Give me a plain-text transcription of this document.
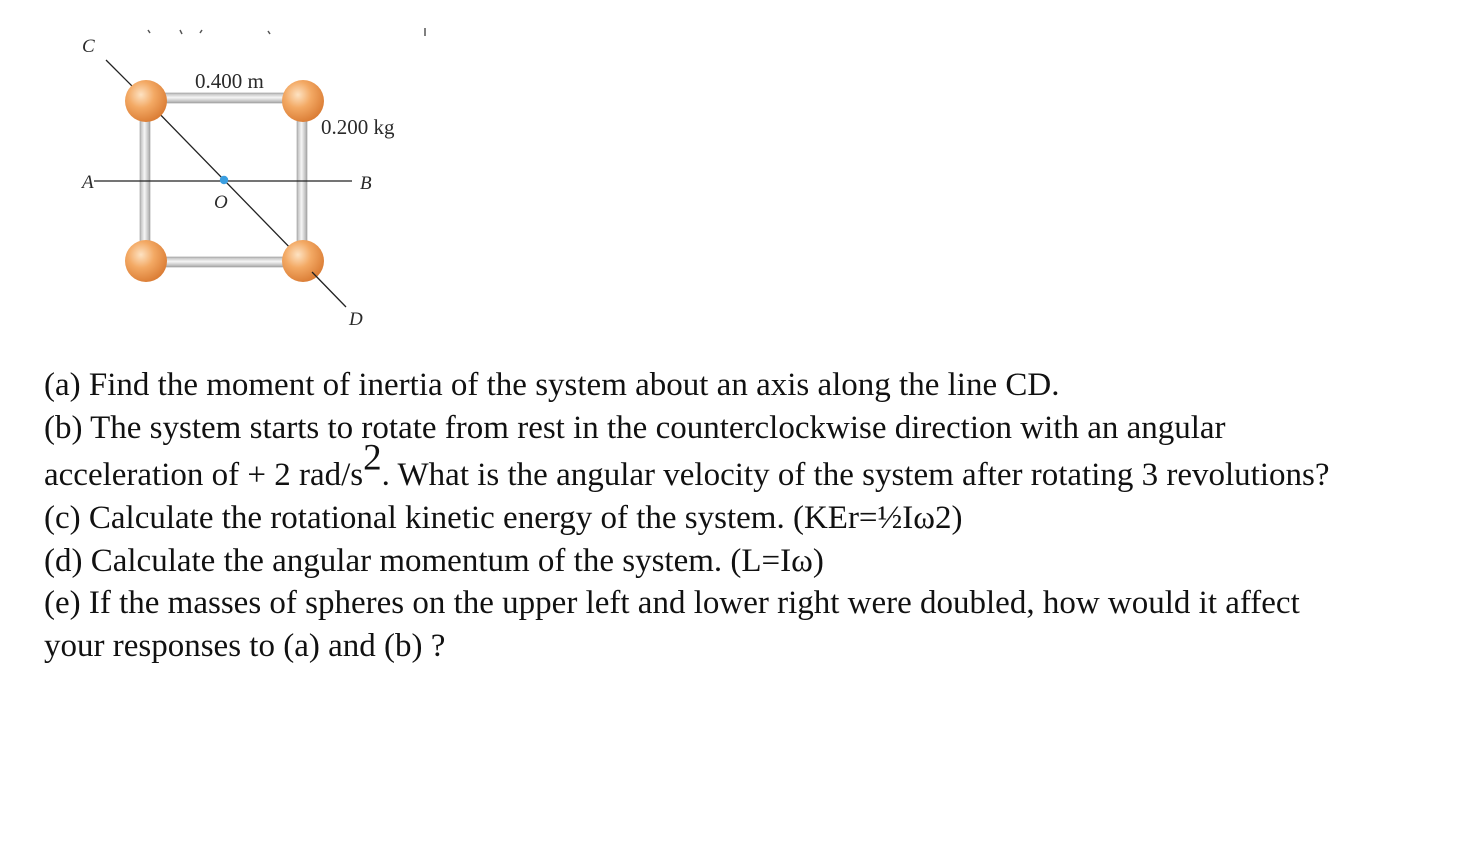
0.400 m
0.200 kg
C
A	B
O
D
(a) Find the moment of inertia of the system about an axis along the line CD.
(b) The system starts to rotate from rest in the counterclockwise direction with an angular
acceleration of + 2 rad/s2. What is the angular velocity of the system after rotating 3 revolutions?
(c) Calculate the rotational kinetic energy of the system. (KEr=½Iω2)
(d) Calculate the angular momentum of the system. (L=Iω)
(e) If the masses of spheres on the upper left and lower right were doubled, how would it affect
your responses to (a) and (b) ?
